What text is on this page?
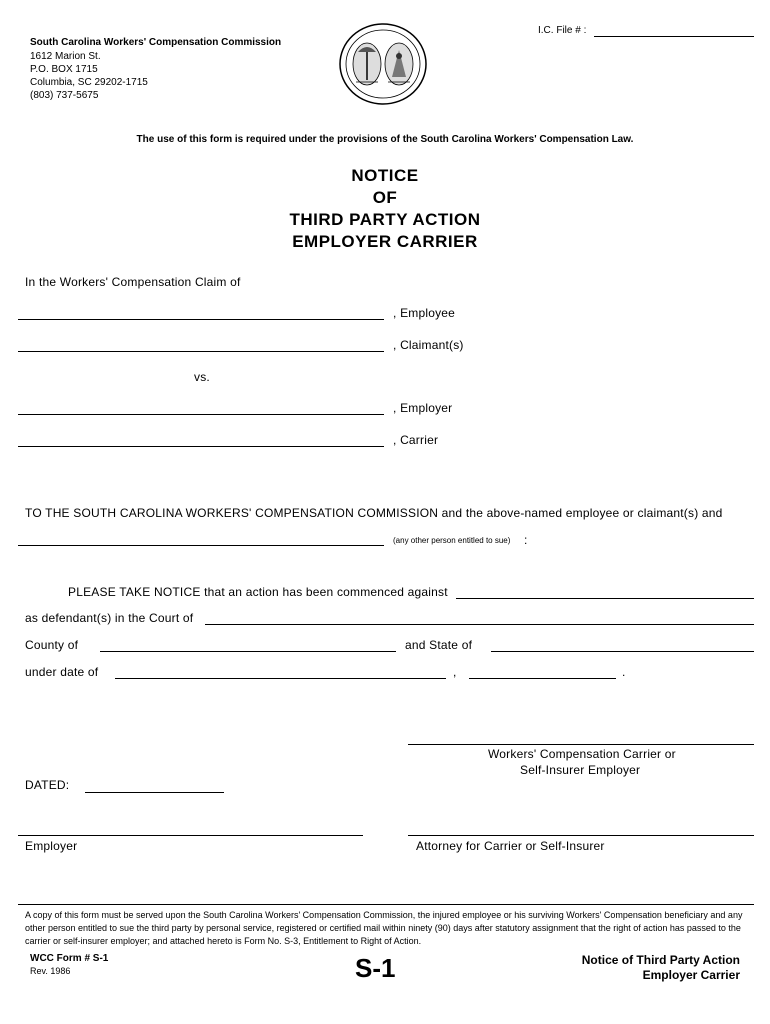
I.C. File # :
South Carolina Workers' Compensation Commission
1612 Marion St.
P.O. BOX 1715
Columbia, SC 29202-1715
(803) 737-5675
The use of this form is required under the provisions of the South Carolina Workers' Compensation Law.
NOTICE
OF
THIRD PARTY ACTION
EMPLOYER CARRIER
In the Workers' Compensation Claim of
, Employee
, Claimant(s)
vs.
, Employer
, Carrier
TO THE SOUTH CAROLINA WORKERS' COMPENSATION COMMISSION and the above-named employee or claimant(s) and
(any other person entitled to sue) :
PLEASE TAKE NOTICE that an action has been commenced against
as defendant(s) in the Court of
County of	and State of
under date of	,	.
Workers' Compensation Carrier or
Self-Insurer Employer
DATED:
Employer	Attorney for Carrier or Self-Insurer
A copy of this form must be served upon the South Carolina Workers' Compensation Commission, the injured employee or his surviving Workers' Compensation beneficiary and any other person entitled to sue the third party by personal service, registered or certified mail within ninety (90) days after statutory assignment that the right of action has passed to the carrier or self-insurer employer; and attached hereto is Form No. S-3, Entitlement to Right of Action.
WCC Form # S-1
Rev. 1986	S-1	Notice of Third Party Action
Employer Carrier
